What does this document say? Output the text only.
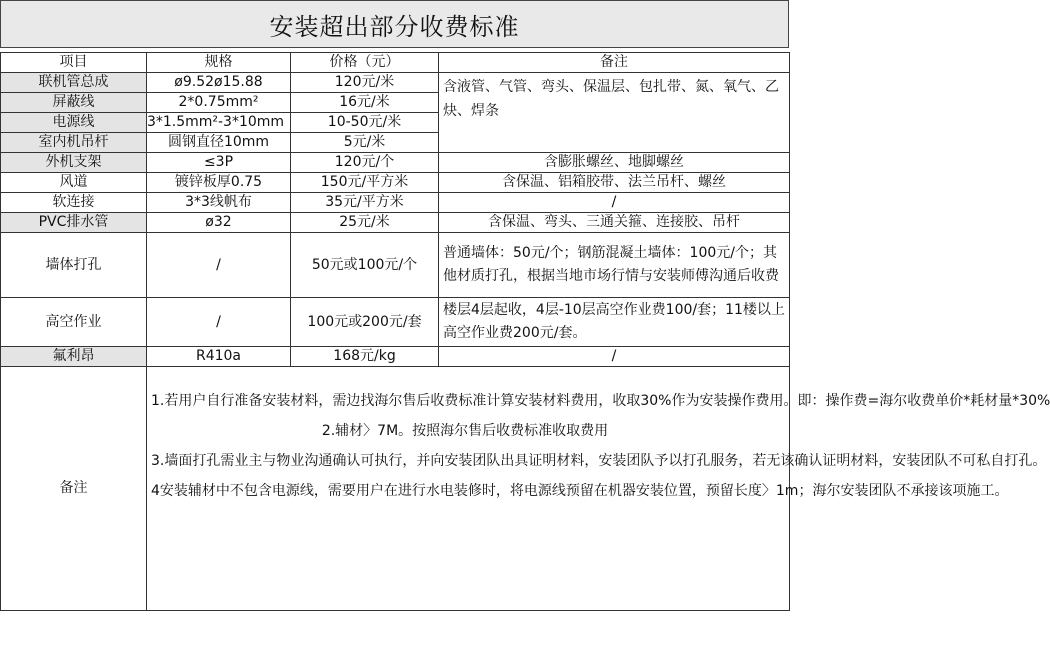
安装超出部分收费标准
项目	规格	价格（元）	备注
联机管总成	ø9.52ø15.88	120元/米	含液管、气管、弯头、保温层、包扎带、氮、氧气、乙炔、焊条
屏蔽线	2*0.75mm²	16元/米	
电源线	3*1.5mm²-3*10mm	10-50元/米	
室内机吊杆	圆钢直径10mm	5元/米	
外机支架	≤3P	120元/个	含膨胀螺丝、地脚螺丝
风道	镀锌板厚0.75	150元/平方米	含保温、铝箱胶带、法兰吊杆、螺丝
软连接	3*3线帆布	35元/平方米	/
PVC排水管	ø32	25元/米	含保温、弯头、三通关箍、连接胶、吊杆
墙体打孔	/	50元或100元/个	普通墙体：50元/个；钢筋混凝土墙体：100元/个；其他材质打孔，根据当地市场行情与安装师傅沟通后收费
高空作业	/	100元或200元/套	楼层4层起收，4层-10层高空作业费100/套；11楼以上高空作业费200元/套。
氟利昂	R410a	168元/kg	/
备注	1.若用户自行准备安装材料，需边找海尔售后收费标准计算安装材料费用，收取30%作为安装操作费用。即：操作费=海尔收费单价*耗材量*30%

2.辅材〉7M。按照海尔售后收费标准收取费用

3.墙面打孔需业主与物业沟通确认可执行，并向安装团队出具证明材料，安装团队予以打孔服务，若无该确认证明材料，安装团队不可私自打孔。

4安装辅材中不包含电源线，需要用户在进行水电装修时，将电源线预留在机器安装位置，预留长度〉1m；海尔安装团队不承接该项施工。		
